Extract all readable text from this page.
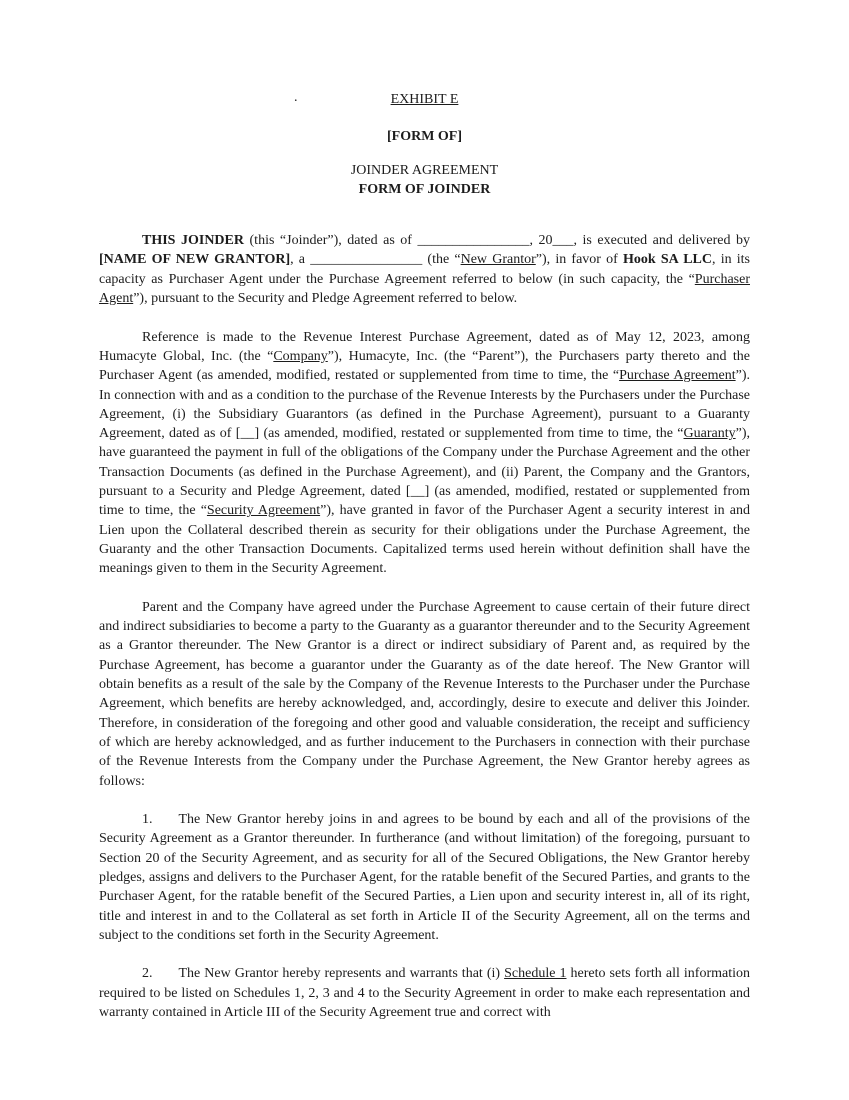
.	EXHIBIT E
[FORM OF]
JOINDER AGREEMENT
FORM OF JOINDER

THIS JOINDER (this “Joinder”), dated as of ________________, 20___, is executed and delivered by [NAME OF NEW GRANTOR], a ________________ (the “New Grantor”), in favor of Hook SA LLC, in its capacity as Purchaser Agent under the Purchase Agreement referred to below (in such capacity, the “Purchaser Agent”), pursuant to the Security and Pledge Agreement referred to below.

Reference is made to the Revenue Interest Purchase Agreement, dated as of May 12, 2023, among Humacyte Global, Inc. (the “Company”), Humacyte, Inc. (the “Parent”), the Purchasers party thereto and the Purchaser Agent (as amended, modified, restated or supplemented from time to time, the “Purchase Agreement”). In connection with and as a condition to the purchase of the Revenue Interests by the Purchasers under the Purchase Agreement, (i) the Subsidiary Guarantors (as defined in the Purchase Agreement), pursuant to a Guaranty Agreement, dated as of [__] (as amended, modified, restated or supplemented from time to time, the “Guaranty”), have guaranteed the payment in full of the obligations of the Company under the Purchase Agreement and the other Transaction Documents (as defined in the Purchase Agreement), and (ii) Parent, the Company and the Grantors, pursuant to a Security and Pledge Agreement, dated [__] (as amended, modified, restated or supplemented from time to time, the “Security Agreement”), have granted in favor of the Purchaser Agent a security interest in and Lien upon the Collateral described therein as security for their obligations under the Purchase Agreement, the Guaranty and the other Transaction Documents. Capitalized terms used herein without definition shall have the meanings given to them in the Security Agreement.

Parent and the Company have agreed under the Purchase Agreement to cause certain of their future direct and indirect subsidiaries to become a party to the Guaranty as a guarantor thereunder and to the Security Agreement as a Grantor thereunder. The New Grantor is a direct or indirect subsidiary of Parent and, as required by the Purchase Agreement, has become a guarantor under the Guaranty as of the date hereof. The New Grantor will obtain benefits as a result of the sale by the Company of the Revenue Interests to the Purchaser under the Purchase Agreement, which benefits are hereby acknowledged, and, accordingly, desire to execute and deliver this Joinder. Therefore, in consideration of the foregoing and other good and valuable consideration, the receipt and sufficiency of which are hereby acknowledged, and as further inducement to the Purchasers in connection with their purchase of the Revenue Interests from the Company under the Purchase Agreement, the New Grantor hereby agrees as follows:

1. The New Grantor hereby joins in and agrees to be bound by each and all of the provisions of the Security Agreement as a Grantor thereunder. In furtherance (and without limitation) of the foregoing, pursuant to Section 20 of the Security Agreement, and as security for all of the Secured Obligations, the New Grantor hereby pledges, assigns and delivers to the Purchaser Agent, for the ratable benefit of the Secured Parties, and grants to the Purchaser Agent, for the ratable benefit of the Secured Parties, a Lien upon and security interest in, all of its right, title and interest in and to the Collateral as set forth in Article II of the Security Agreement, all on the terms and subject to the conditions set forth in the Security Agreement.

2. The New Grantor hereby represents and warrants that (i) Schedule 1 hereto sets forth all information required to be listed on Schedules 1, 2, 3 and 4 to the Security Agreement in order to make each representation and warranty contained in Article III of the Security Agreement true and correct with
